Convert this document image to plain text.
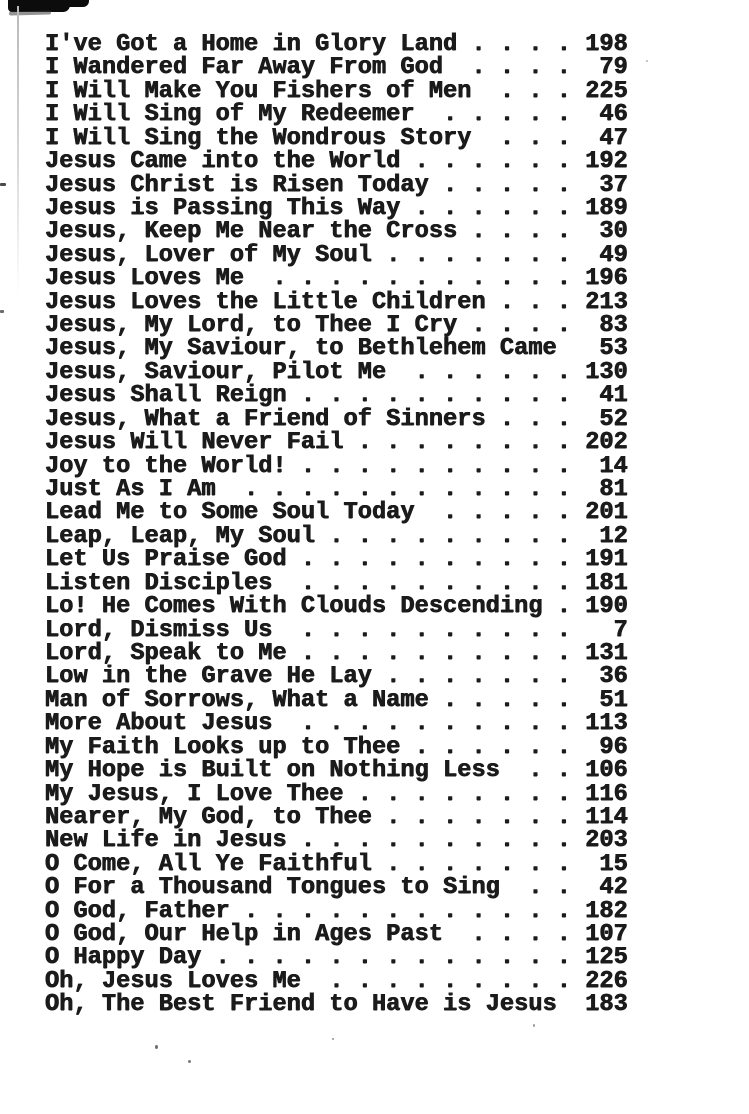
I've Got a Home in Glory Land . . . . 198
I Wandered Far Away From God  . . . .  79
I Will Make You Fishers of Men  . . . 225
I Will Sing of My Redeemer  . . . . .  46
I Will Sing the Wondrous Story  . . .  47
Jesus Came into the World . . . . . . 192
Jesus Christ is Risen Today . . . . .  37
Jesus is Passing This Way . . . . . . 189
Jesus, Keep Me Near the Cross . . . .  30
Jesus, Lover of My Soul . . . . . . .  49
Jesus Loves Me  . . . . . . . . . . . 196
Jesus Loves the Little Children . . . 213
Jesus, My Lord, to Thee I Cry . . . .  83
Jesus, My Saviour, to Bethlehem Came   53
Jesus, Saviour, Pilot Me  . . . . . . 130
Jesus Shall Reign . . . . . . . . . .  41
Jesus, What a Friend of Sinners . . .  52
Jesus Will Never Fail . . . . . . . . 202
Joy to the World! . . . . . . . . . .  14
Just As I Am  . . . . . . . . . . . .  81
Lead Me to Some Soul Today  . . . . . 201
Leap, Leap, My Soul . . . . . . . . .  12
Let Us Praise God . . . . . . . . . . 191
Listen Disciples  . . . . . . . . . . 181
Lo! He Comes With Clouds Descending . 190
Lord, Dismiss Us  . . . . . . . . . .   7
Lord, Speak to Me . . . . . . . . . . 131
Low in the Grave He Lay . . . . . . .  36
Man of Sorrows, What a Name . . . . .  51
More About Jesus  . . . . . . . . . . 113
My Faith Looks up to Thee . . . . . .  96
My Hope is Built on Nothing Less  . . 106
My Jesus, I Love Thee . . . . . . . . 116
Nearer, My God, to Thee . . . . . . . 114
New Life in Jesus . . . . . . . . . . 203
O Come, All Ye Faithful . . . . . . .  15
O For a Thousand Tongues to Sing  . .  42
O God, Father . . . . . . . . . . . . 182
O God, Our Help in Ages Past  . . . . 107
O Happy Day . . . . . . . . . . . . . 125
Oh, Jesus Loves Me  . . . . . . . . . 226
Oh, The Best Friend to Have is Jesus  183
